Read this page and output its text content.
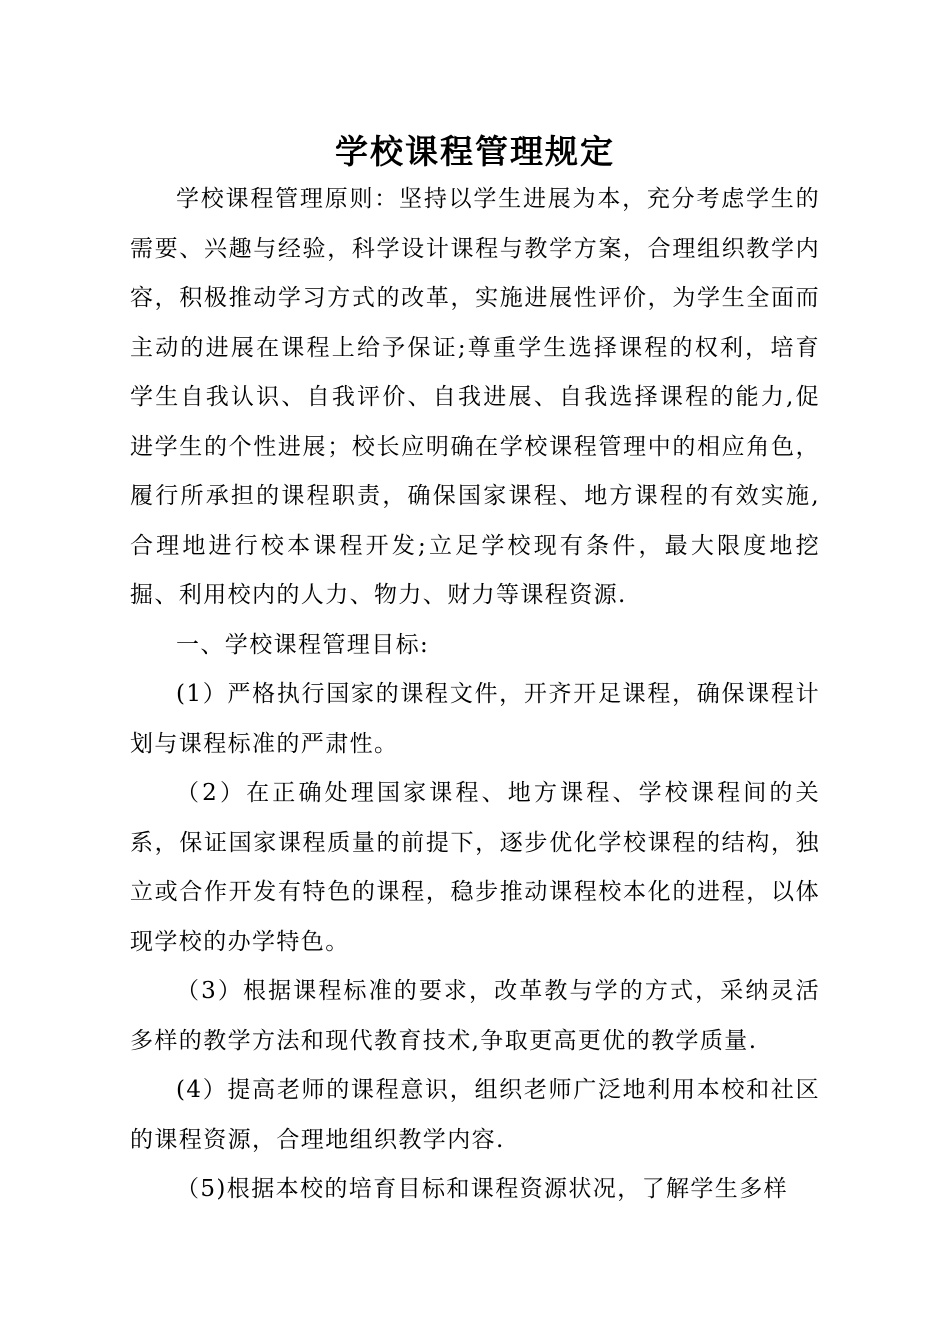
学校课程管理规定

学校课程管理原则：坚持以学生进展为本，充分考虑学生的需要、兴趣与经验，科学设计课程与教学方案，合理组织教学内容，积极推动学习方式的改革，实施进展性评价，为学生全面而主动的进展在课程上给予保证;尊重学生选择课程的权利，培育学生自我认识、自我评价、自我进展、自我选择课程的能力,促进学生的个性进展；校长应明确在学校课程管理中的相应角色，履行所承担的课程职责，确保国家课程、地方课程的有效实施,合理地进行校本课程开发;立足学校现有条件，最大限度地挖掘、利用校内的人力、物力、财力等课程资源.

一、学校课程管理目标:

(1）严格执行国家的课程文件，开齐开足课程，确保课程计划与课程标准的严肃性。

（2）在正确处理国家课程、地方课程、学校课程间的关系，保证国家课程质量的前提下，逐步优化学校课程的结构，独立或合作开发有特色的课程，稳步推动课程校本化的进程，以体现学校的办学特色。

（3）根据课程标准的要求，改革教与学的方式，采纳灵活多样的教学方法和现代教育技术,争取更高更优的教学质量.

(4）提高老师的课程意识，组织老师广泛地利用本校和社区的课程资源，合理地组织教学内容.

（5)根据本校的培育目标和课程资源状况，了解学生多样
